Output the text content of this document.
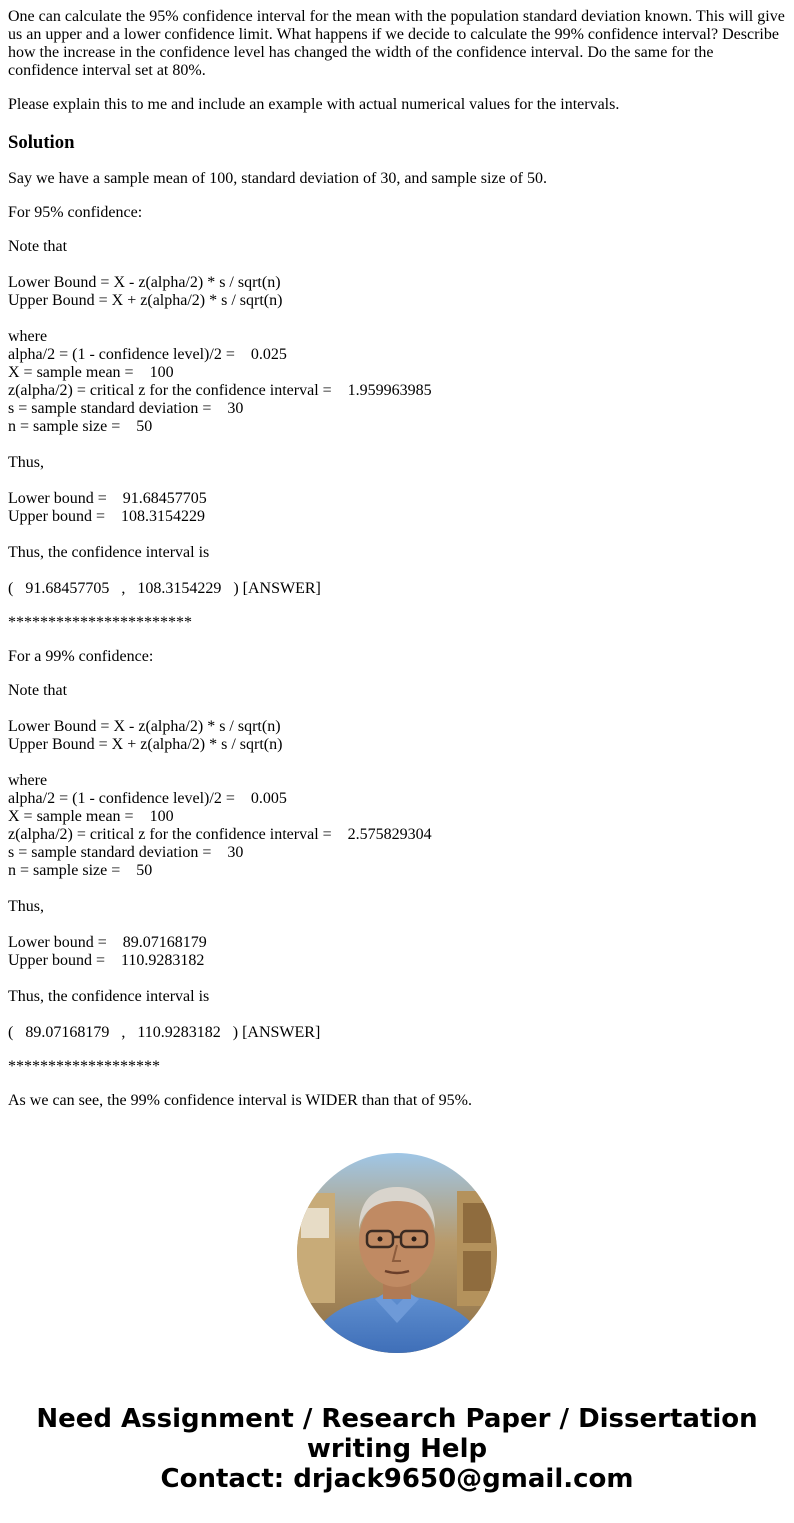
One can calculate the 95% confidence interval for the mean with the population standard deviation known. This will give us an upper and a lower confidence limit. What happens if we decide to calculate the 99% confidence interval? Describe how the increase in the confidence level has changed the width of the confidence interval. Do the same for the confidence interval set at 80%.

Please explain this to me and include an example with actual numerical values for the intervals.

Solution

Say we have a sample mean of 100, standard deviation of 30, and sample size of 50.

For 95% confidence:

Note that
Lower Bound = X - z(alpha/2) * s / sqrt(n)
Upper Bound = X + z(alpha/2) * s / sqrt(n)
where
alpha/2 = (1 - confidence level)/2 =    0.025
X = sample mean =    100
z(alpha/2) = critical z for the confidence interval =    1.959963985
s = sample standard deviation =    30
n = sample size =    50
Thus,
Lower bound =    91.68457705
Upper bound =    108.3154229
Thus, the confidence interval is
(   91.68457705   ,   108.3154229   ) [ANSWER]

***********************

For a 99% confidence:

Note that
Lower Bound = X - z(alpha/2) * s / sqrt(n)
Upper Bound = X + z(alpha/2) * s / sqrt(n)
where
alpha/2 = (1 - confidence level)/2 =    0.005
X = sample mean =    100
z(alpha/2) = critical z for the confidence interval =    2.575829304
s = sample standard deviation =    30
n = sample size =    50
Thus,
Lower bound =    89.07168179
Upper bound =    110.9283182
Thus, the confidence interval is
(   89.07168179   ,   110.9283182   ) [ANSWER]

*******************

As we can see, the 99% confidence interval is WIDER than that of 95%.

Need Assignment / Research Paper / Dissertation
writing Help
Contact: drjack9650@gmail.com
